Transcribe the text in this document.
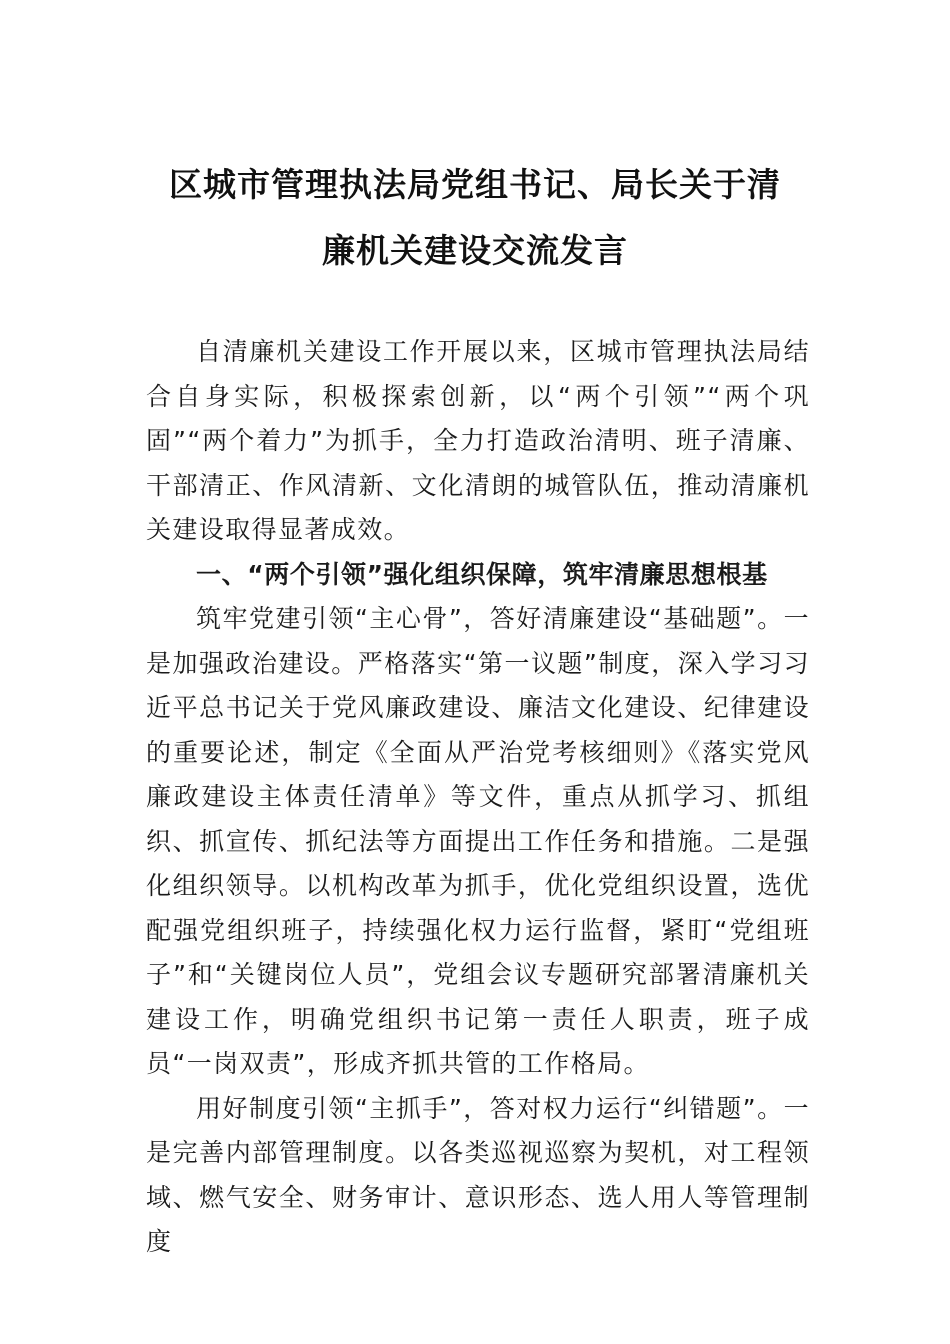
区城市管理执法局党组书记、局长关于清
廉机关建设交流发言

自清廉机关建设工作开展以来，区城市管理执法局结合自身实际，积极探索创新，以“两个引领”“两个巩固”“两个着力”为抓手，全力打造政治清明、班子清廉、干部清正、作风清新、文化清朗的城管队伍，推动清廉机关建设取得显著成效。

一、“两个引领”强化组织保障，筑牢清廉思想根基

筑牢党建引领“主心骨”，答好清廉建设“基础题”。一是加强政治建设。严格落实“第一议题”制度，深入学习习近平总书记关于党风廉政建设、廉洁文化建设、纪律建设的重要论述，制定《全面从严治党考核细则》《落实党风廉政建设主体责任清单》等文件，重点从抓学习、抓组织、抓宣传、抓纪法等方面提出工作任务和措施。二是强化组织领导。以机构改革为抓手，优化党组织设置，选优配强党组织班子，持续强化权力运行监督，紧盯“党组班子”和“关键岗位人员”，党组会议专题研究部署清廉机关建设工作，明确党组织书记第一责任人职责，班子成员“一岗双责”，形成齐抓共管的工作格局。

用好制度引领“主抓手”，答对权力运行“纠错题”。一是完善内部管理制度。以各类巡视巡察为契机，对工程领域、燃气安全、财务审计、意识形态、选人用人等管理制度
